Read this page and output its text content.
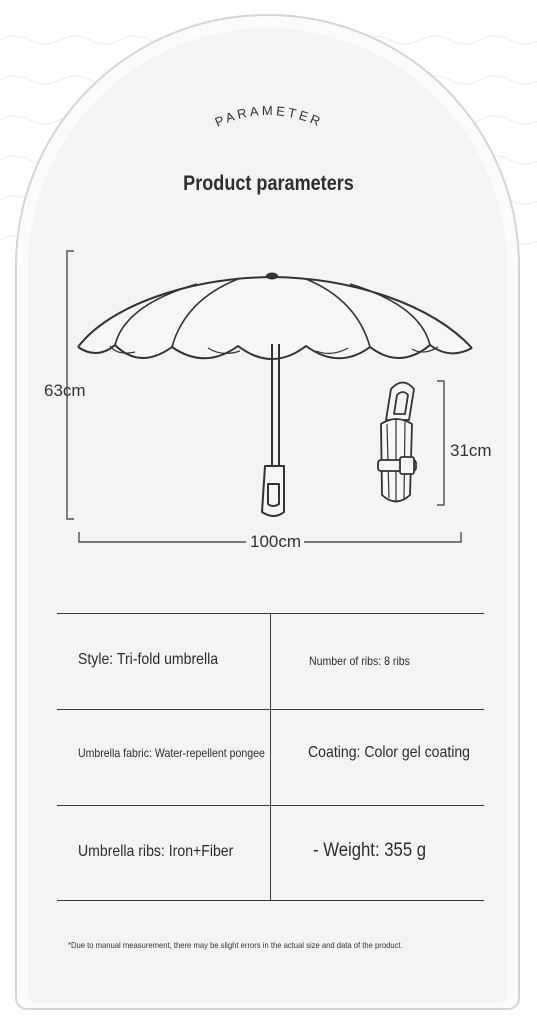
PARAMETER
Product parameters
63cm
100cm
31cm
Style: Tri-fold umbrella	Number of ribs: 8 ribs
Umbrella fabric: Water-repellent pongee	Coating: Color gel coating
Umbrella ribs: Iron+Fiber	- Weight: 355 g
*Due to manual measurement, there may be slight errors in the actual size and data of the product.
